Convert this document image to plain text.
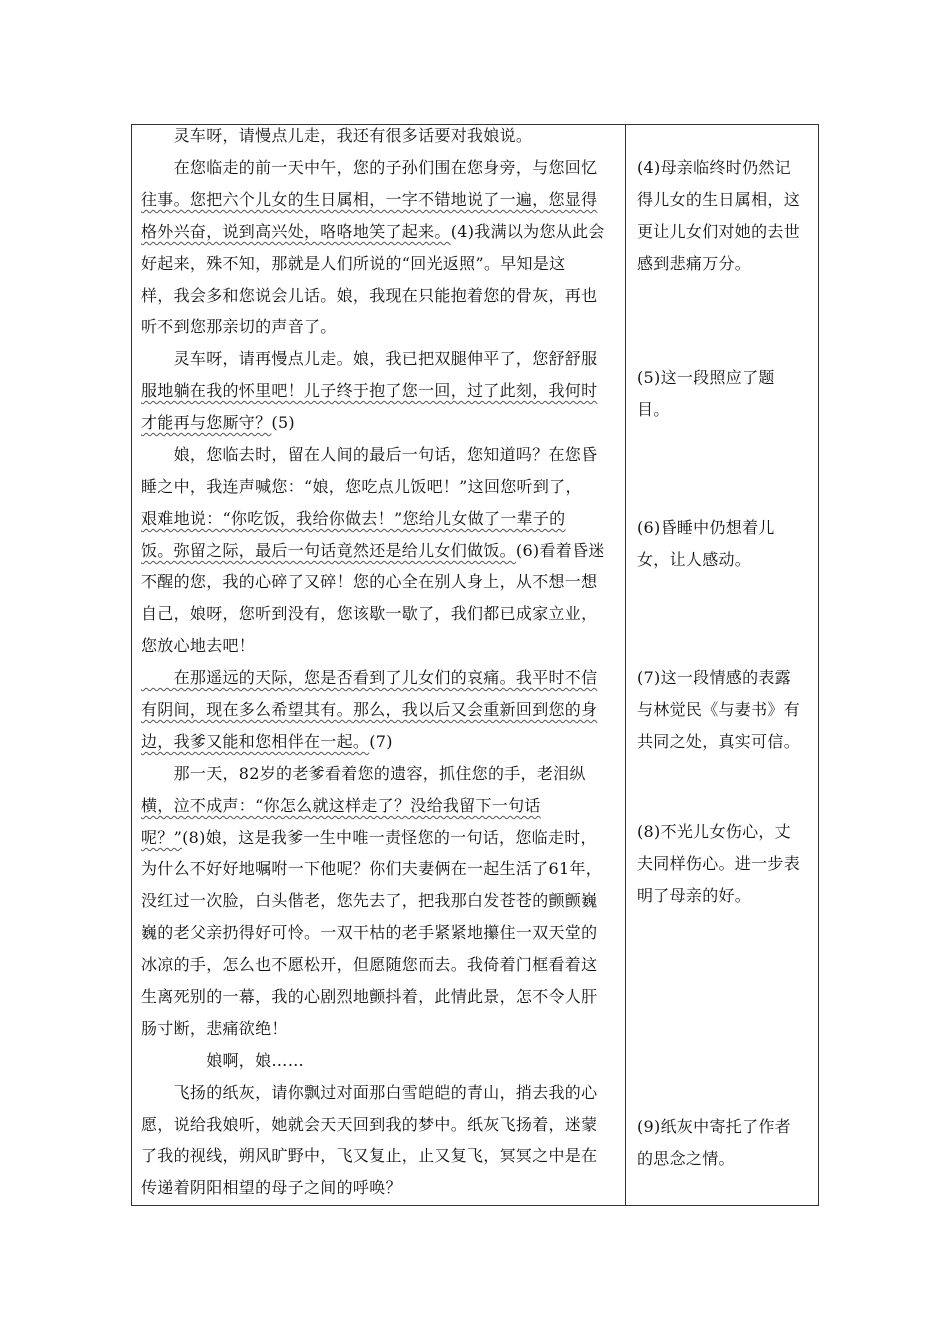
　　灵车呀，请慢点儿走，我还有很多话要对我娘说。
　　在您临走的前一天中午，您的子孙们围在您身旁，与您回忆
往事。您把六个儿女的生日属相，一字不错地说了一遍，您显得
格外兴奋，说到高兴处，咯咯地笑了起来。(4)我满以为您从此会
好起来，殊不知，那就是人们所说的“回光返照”。早知是这
样，我会多和您说会儿话。娘，我现在只能抱着您的骨灰，再也
听不到您那亲切的声音了。
　　灵车呀，请再慢点儿走。娘，我已把双腿伸平了，您舒舒服
服地躺在我的怀里吧！儿子终于抱了您一回，过了此刻，我何时
才能再与您厮守？(5)
　　娘，您临去时，留在人间的最后一句话，您知道吗？在您昏
睡之中，我连声喊您：“娘，您吃点儿饭吧！”这回您听到了，
艰难地说：“你吃饭，我给你做去！”您给儿女做了一辈子的
饭。弥留之际，最后一句话竟然还是给儿女们做饭。(6)看着昏迷
不醒的您，我的心碎了又碎！您的心全在别人身上，从不想一想
自己，娘呀，您听到没有，您该歇一歇了，我们都已成家立业，
您放心地去吧！
　　在那遥远的天际，您是否看到了儿女们的哀痛。我平时不信
有阴间，现在多么希望其有。那么，我以后又会重新回到您的身
边，我爹又能和您相伴在一起。(7)
　　那一天，82岁的老爹看着您的遗容，抓住您的手，老泪纵
横，泣不成声：“你怎么就这样走了？没给我留下一句话
呢？”(8)娘，这是我爹一生中唯一责怪您的一句话，您临走时，
为什么不好好地嘱咐一下他呢？你们夫妻俩在一起生活了61年，
没红过一次脸，白头偕老，您先去了，把我那白发苍苍的颤颤巍
巍的老父亲扔得好可怜。一双干枯的老手紧紧地攥住一双天堂的
冰凉的手，怎么也不愿松开，但愿随您而去。我倚着门框看着这
生离死别的一幕，我的心剧烈地颤抖着，此情此景，怎不令人肝
肠寸断，悲痛欲绝！
　　　　娘啊，娘……
　　飞扬的纸灰，请你飘过对面那白雪皑皑的青山，捎去我的心
愿，说给我娘听，她就会天天回到我的梦中。纸灰飞扬着，迷蒙
了我的视线，朔风旷野中，飞又复止，止又复飞，冥冥之中是在
传递着阴阳相望的母子之间的呼唤？
(4)母亲临终时仍然记
得儿女的生日属相，这
更让儿女们对她的去世
感到悲痛万分。
(5)这一段照应了题
目。
(6)昏睡中仍想着儿
女，让人感动。
(7)这一段情感的表露
与林觉民《与妻书》有
共同之处，真实可信。
(8)不光儿女伤心，丈
夫同样伤心。进一步表
明了母亲的好。
(9)纸灰中寄托了作者
的思念之情。
